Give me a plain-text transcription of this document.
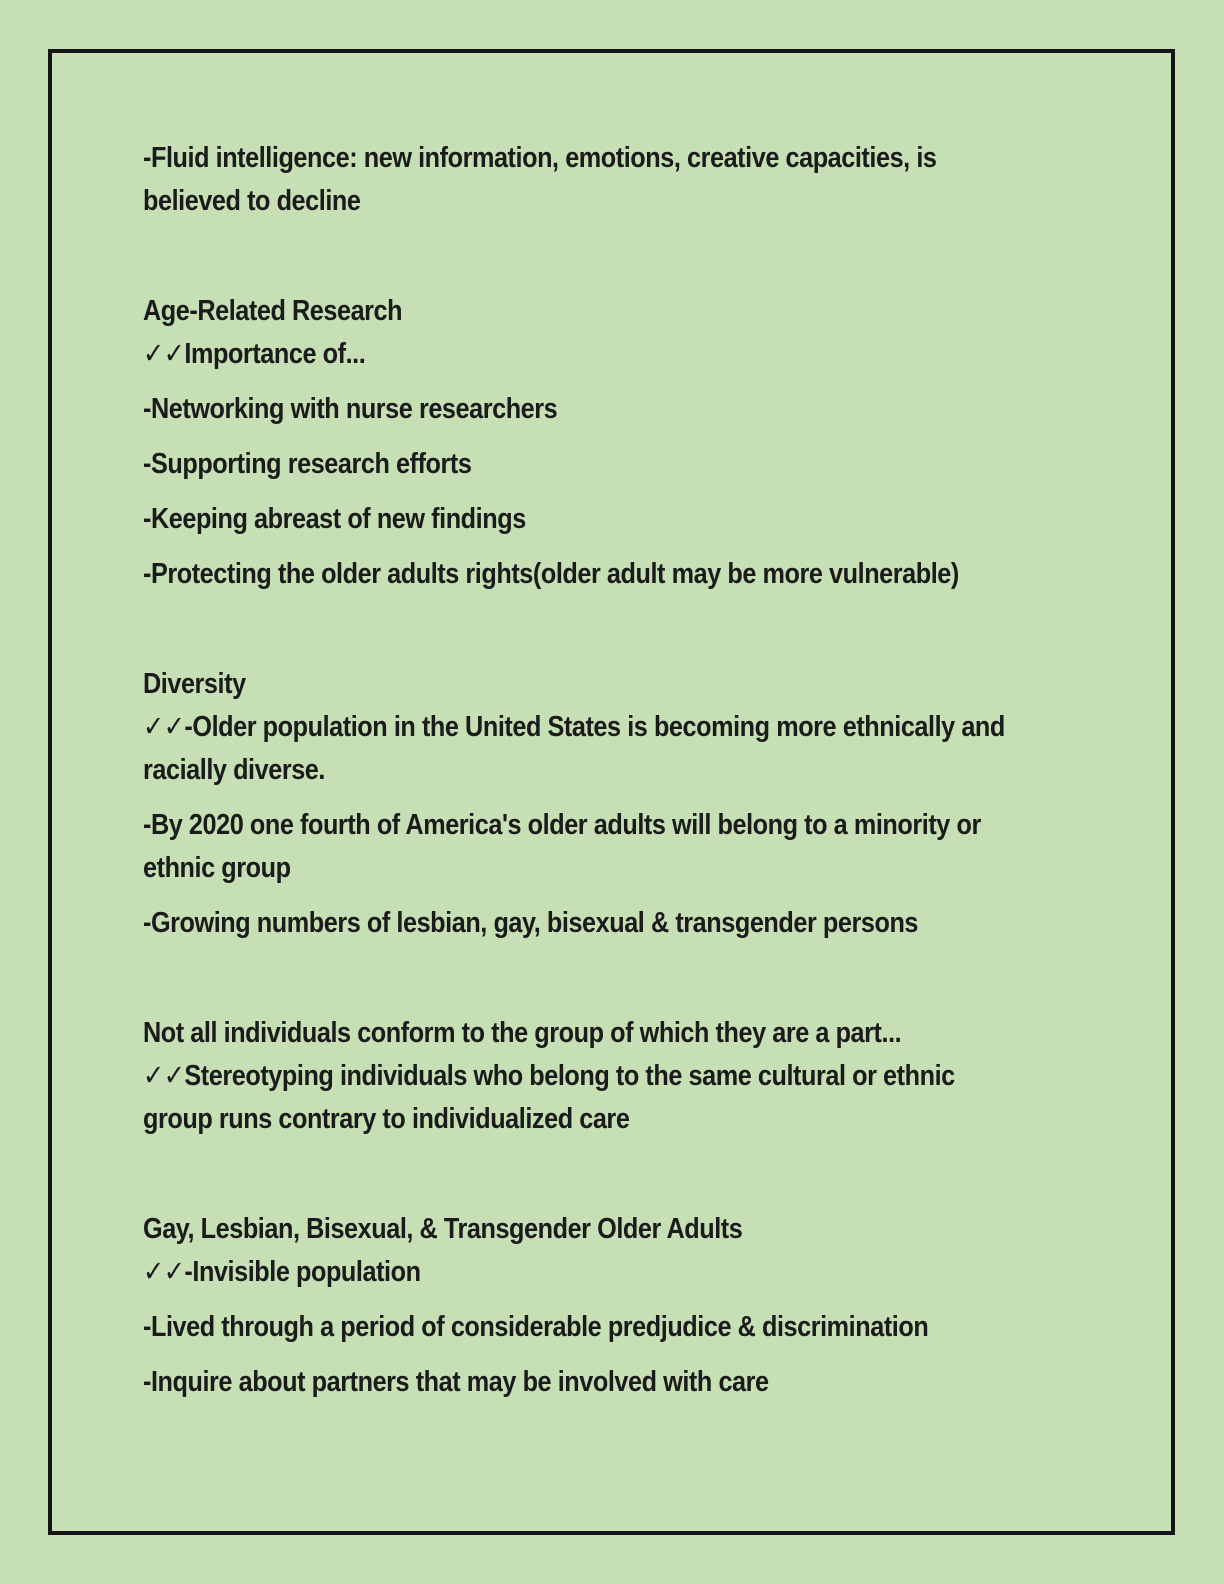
-Fluid intelligence: new information, emotions, creative capacities, is
believed to decline
Age-Related Research
✓✓Importance of...
-Networking with nurse researchers
-Supporting research efforts
-Keeping abreast of new findings
-Protecting the older adults rights(older adult may be more vulnerable)
Diversity
✓✓-Older population in the United States is becoming more ethnically and
racially diverse.
-By 2020 one fourth of America's older adults will belong to a minority or
ethnic group
-Growing numbers of lesbian, gay, bisexual & transgender persons
Not all individuals conform to the group of which they are a part...
✓✓Stereotyping individuals who belong to the same cultural or ethnic
group runs contrary to individualized care
Gay, Lesbian, Bisexual, & Transgender Older Adults
✓✓-Invisible population
-Lived through a period of considerable predjudice & discrimination
-Inquire about partners that may be involved with care
